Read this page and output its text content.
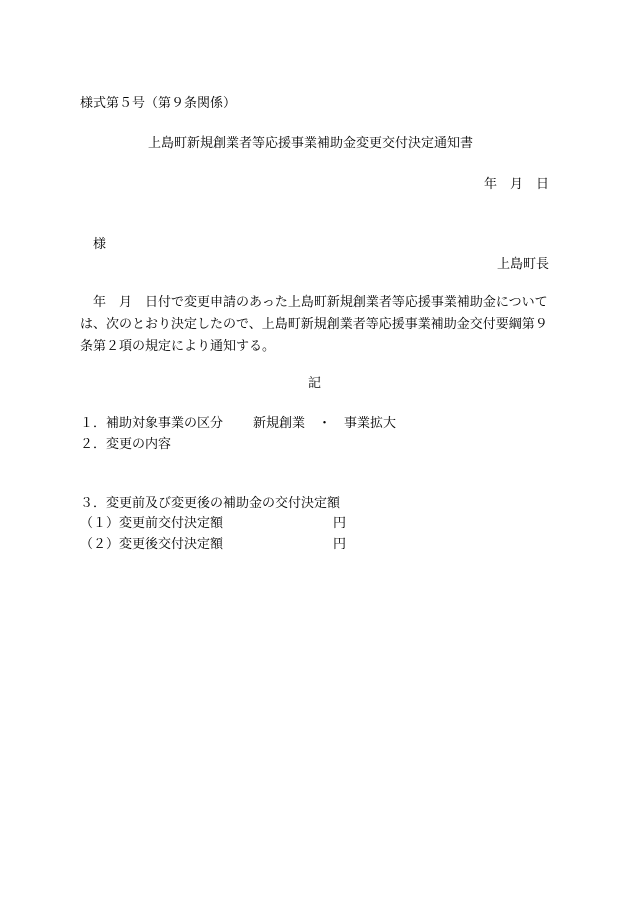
様式第５号（第９条関係）
上島町新規創業者等応援事業補助金変更交付決定通知書
年　月　日
様
上島町長
年　月　日付で変更申請のあった上島町新規創業者等応援事業補助金については、次のとおり決定したので、上島町新規創業者等応援事業補助金交付要綱第９条第２項の規定により通知する。
記
１．補助対象事業の区分 新規創業　・　事業拡大
２．変更の内容
３．変更前及び変更後の補助金の交付決定額
（１）変更前交付決定額	円
（２）変更後交付決定額	円
